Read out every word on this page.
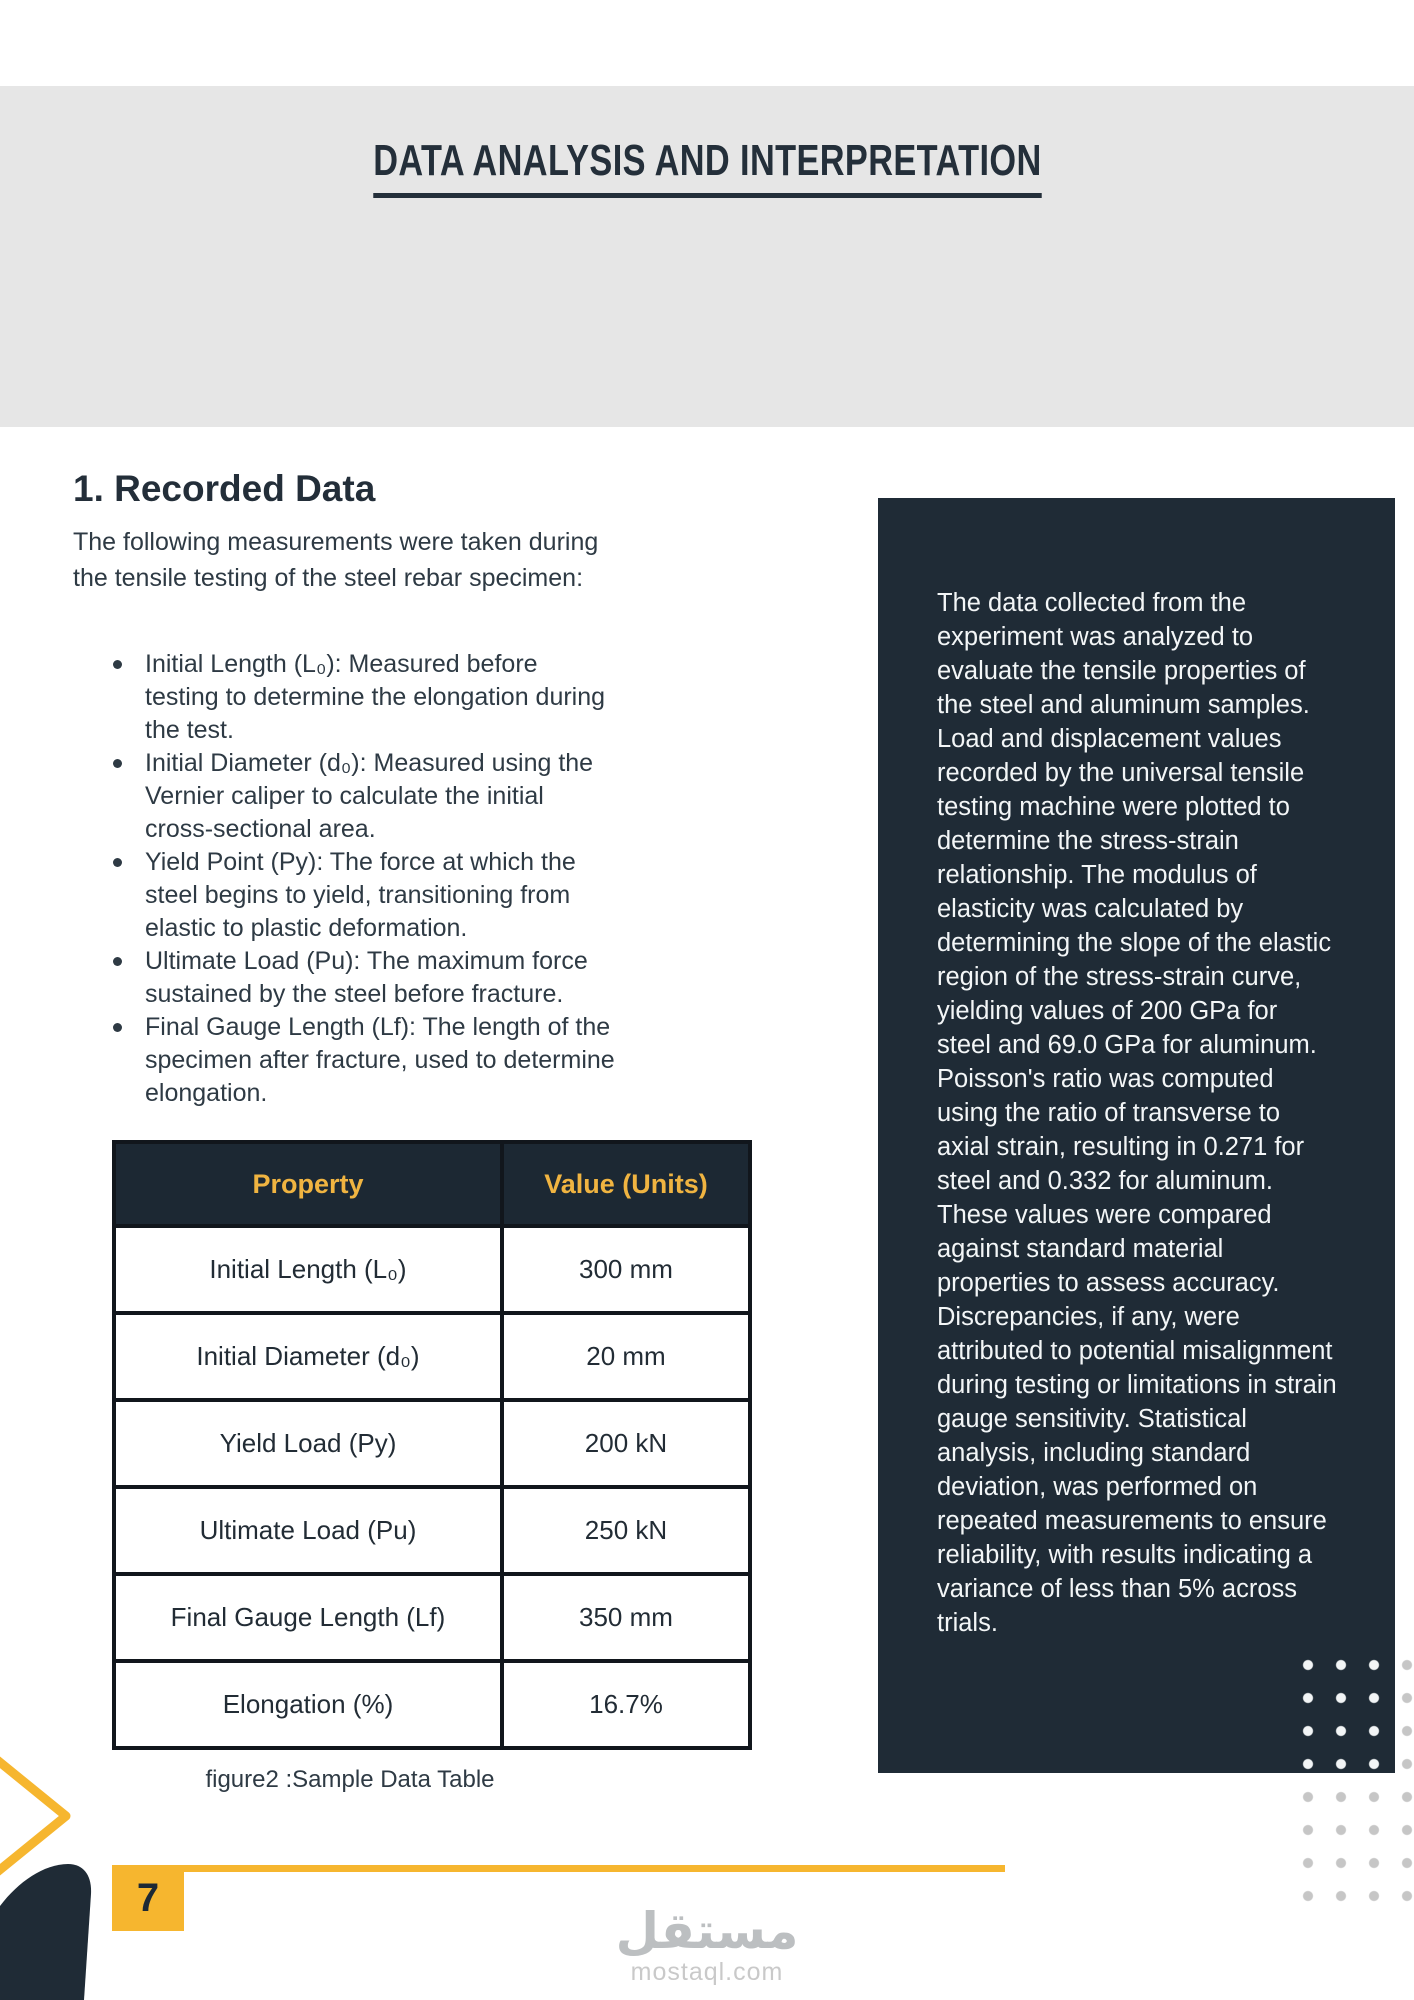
DATA ANALYSIS AND INTERPRETATION
1. Recorded Data

The following measurements were taken during the tensile testing of the steel rebar specimen:

Initial Length (L₀): Measured before testing to determine the elongation during the test.
Initial Diameter (d₀): Measured using the Vernier caliper to calculate the initial cross-sectional area.
Yield Point (Py): The force at which the steel begins to yield, transitioning from elastic to plastic deformation.
Ultimate Load (Pu): The maximum force sustained by the steel before fracture.
Final Gauge Length (Lf): The length of the specimen after fracture, used to determine elongation.
Property	Value (Units)
Initial Length (L₀)	300 mm
Initial Diameter (d₀)	20 mm
Yield Load (Py)	200 kN
Ultimate Load (Pu)	250 kN
Final Gauge Length (Lf)	350 mm
Elongation (%)	16.7%
figure2 :Sample Data Table

The data collected from the experiment was analyzed to evaluate the tensile properties of the steel and aluminum samples. Load and displacement values recorded by the universal tensile testing machine were plotted to determine the stress-strain relationship. The modulus of elasticity was calculated by determining the slope of the elastic region of the stress-strain curve, yielding values of 200 GPa for steel and 69.0 GPa for aluminum. Poisson's ratio was computed using the ratio of transverse to axial strain, resulting in 0.271 for steel and 0.332 for aluminum. These values were compared against standard material properties to assess accuracy. Discrepancies, if any, were attributed to potential misalignment during testing or limitations in strain gauge sensitivity. Statistical analysis, including standard deviation, was performed on repeated measurements to ensure reliability, with results indicating a variance of less than 5% across trials.

7
مستقل
mostaql.com
